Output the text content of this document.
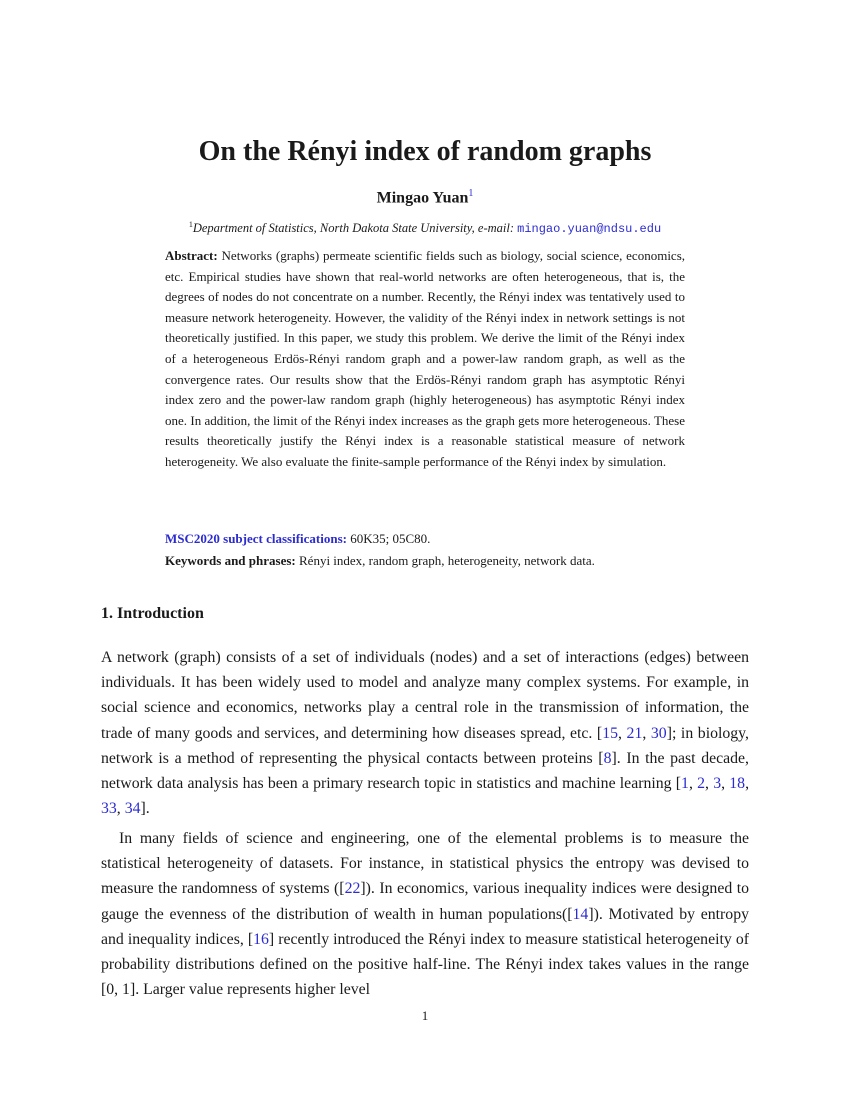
On the Rényi index of random graphs
Mingao Yuan$^1$
$^1$Department of Statistics, North Dakota State University, e-mail: mingao.yuan@ndsu.edu
Abstract: Networks (graphs) permeate scientific fields such as biology, social science, economics, etc. Empirical studies have shown that real-world networks are often heterogeneous, that is, the degrees of nodes do not concentrate on a number. Recently, the Rényi index was tentatively used to measure network heterogeneity. However, the validity of the Rényi index in network settings is not theoretically justified. In this paper, we study this problem. We derive the limit of the Rényi index of a heterogeneous Erdös-Rényi random graph and a power-law random graph, as well as the convergence rates. Our results show that the Erdös-Rényi random graph has asymptotic Rényi index zero and the power-law random graph (highly heterogeneous) has asymptotic Rényi index one. In addition, the limit of the Rényi index increases as the graph gets more heterogeneous. These results theoretically justify the Rényi index is a reasonable statistical measure of network heterogeneity. We also evaluate the finite-sample performance of the Rényi index by simulation.
MSC2020 subject classifications: 60K35; 05C80.
Keywords and phrases: Rényi index, random graph, heterogeneity, network data.
1. Introduction
A network (graph) consists of a set of individuals (nodes) and a set of interactions (edges) between individuals. It has been widely used to model and analyze many complex systems. For example, in social science and economics, networks play a central role in the transmission of information, the trade of many goods and services, and determining how diseases spread, etc. [15, 21, 30]; in biology, network is a method of representing the physical contacts between proteins [8]. In the past decade, network data analysis has been a primary research topic in statistics and machine learning [1, 2, 3, 18, 33, 34].
In many fields of science and engineering, one of the elemental problems is to measure the statistical heterogeneity of datasets. For instance, in statistical physics the entropy was devised to measure the randomness of systems ([22]). In economics, various inequality indices were designed to gauge the evenness of the distribution of wealth in human populations([14]). Motivated by entropy and inequality indices, [16] recently introduced the Rényi index to measure statistical heterogeneity of probability distributions defined on the positive half-line. The Rényi index takes values in the range [0, 1]. Larger value represents higher level
1
